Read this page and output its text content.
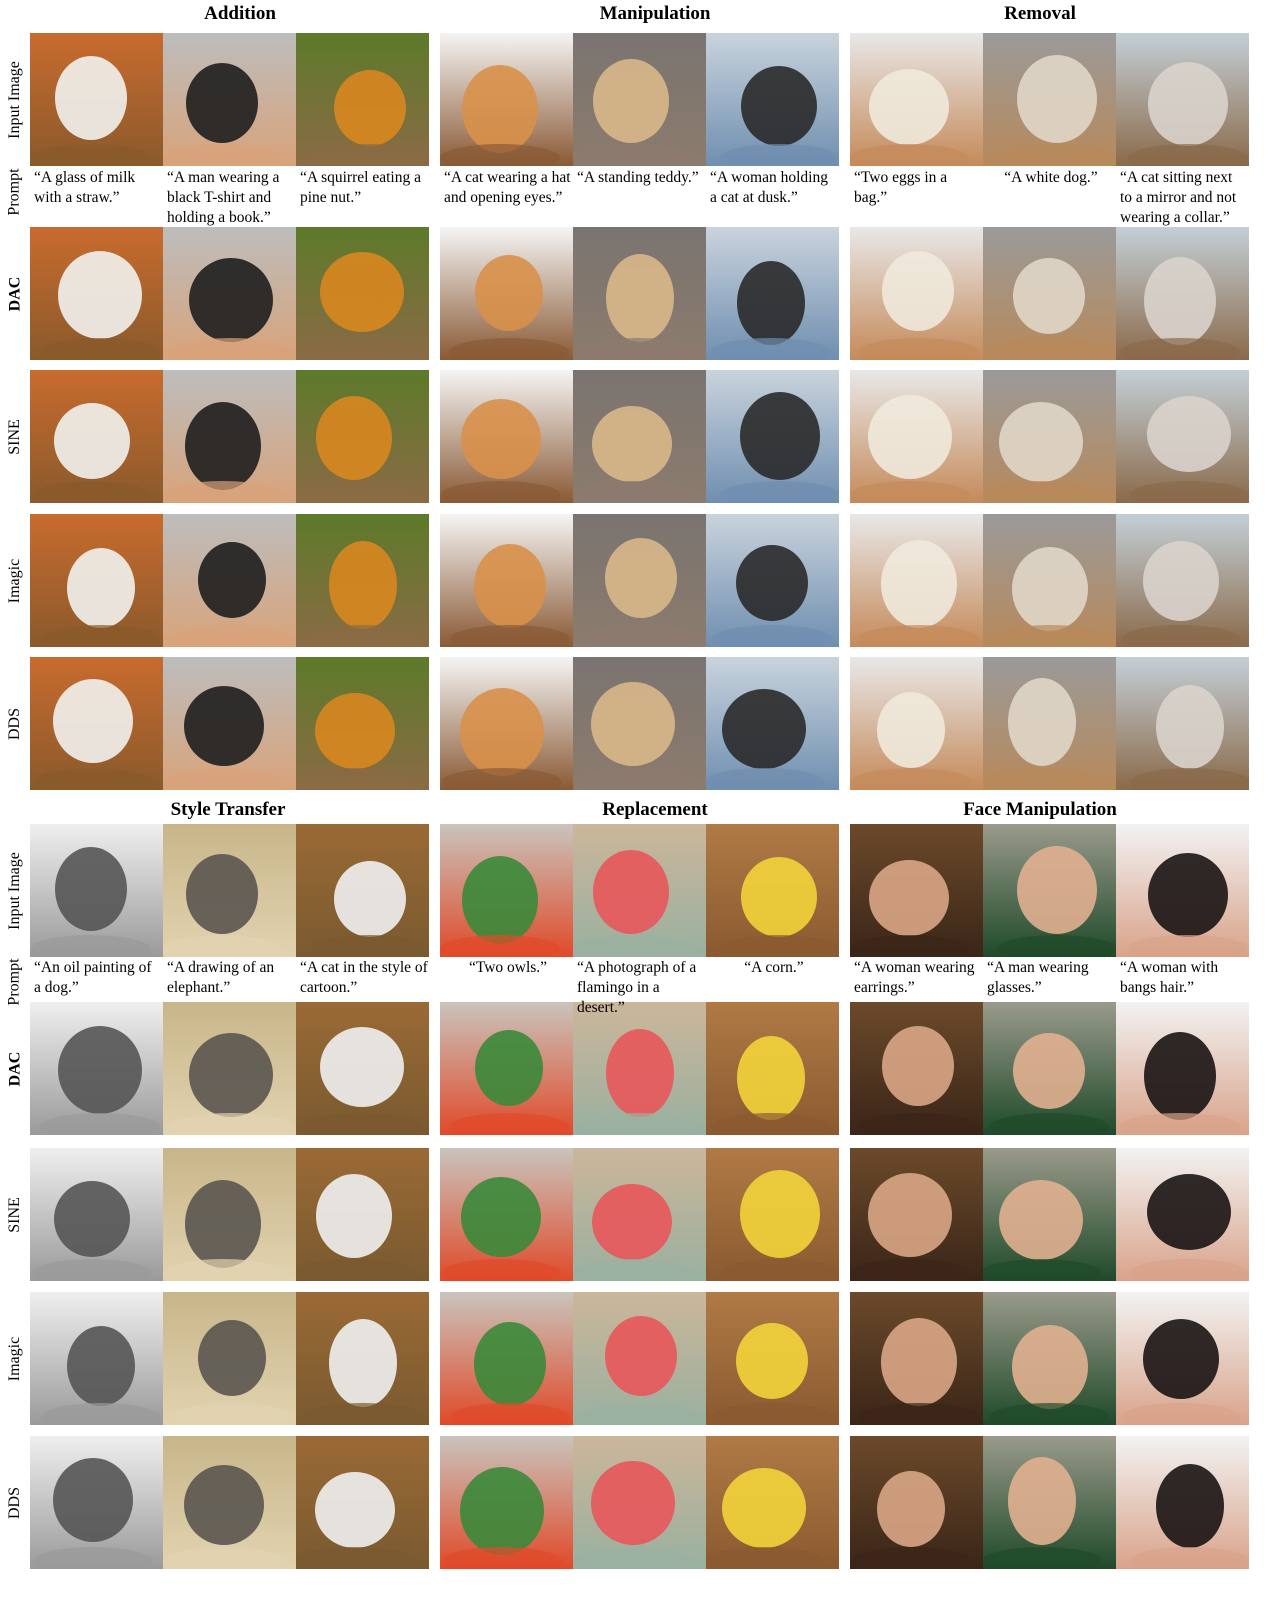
Input Image
Prompt
DAC
SINE
Imagic
DDS
Addition
“A glass of milk with a straw.”
“A man wearing a black T-shirt and holding a book.”
“A squirrel eating a pine nut.”
Manipulation
“A cat wearing a hat and opening eyes.”
“A standing teddy.” “A woman holding a cat at dusk.”
Removal
“Two eggs in a bag.”
“A white dog.”	“A cat sitting next to a mirror and not wearing a collar.”
Input Image
Prompt
DAC
SINE
Imagic
DDS
Style Transfer
“An oil painting of a dog.”
“A drawing of an elephant.”
“A cat in the style of cartoon.”
Replacement
“Two owls.”	“A photograph of a flamingo in a desert.”
“A corn.”
Face Manipulation
“A woman wearing earrings.”
“A man wearing glasses.”
“A woman with bangs hair.”
